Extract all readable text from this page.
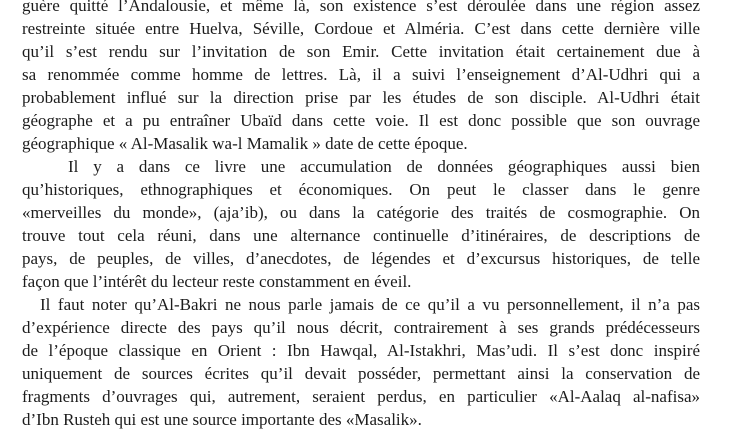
guère quitté l’Andalousie, et même là, son existence s’est déroulée dans une région assez
restreinte située entre Huelva, Séville, Cordoue et Alméria. C’est dans cette dernière ville
qu’il s’est rendu sur l’invitation de son Emir. Cette invitation était certainement due à
sa renommée comme homme de lettres. Là, il a suivi l’enseignement d’Al-Udhri qui a
probablement influé sur la direction prise par les études de son disciple. Al-Udhri était
géographe et a pu entraîner Ubaïd dans cette voie. Il est donc possible que son ouvrage
géographique « Al-Masalik wa-l Mamalik » date de cette époque.
Il y a dans ce livre une accumulation de données géographiques aussi bien
qu’historiques, ethnographiques et économiques. On peut le classer dans le genre
«merveilles du monde», (aja’ib), ou dans la catégorie des traités de cosmographie. On
trouve tout cela réuni, dans une alternance continuelle d’itinéraires, de descriptions de
pays, de peuples, de villes, d’anecdotes, de légendes et d’excursus historiques, de telle
façon que l’intérêt du lecteur reste constamment en éveil.
Il faut noter qu’Al-Bakri ne nous parle jamais de ce qu’il a vu personnellement, il n’a pas
d’expérience directe des pays qu’il nous décrit, contrairement à ses grands prédécesseurs
de l’époque classique en Orient : Ibn Hawqal, Al-Istakhri, Mas’udi. Il s’est donc inspiré
uniquement de sources écrites qu’il devait posséder, permettant ainsi la conservation de
fragments d’ouvrages qui, autrement, seraient perdus, en particulier «Al-Aalaq al-nafisa»
d’Ibn Rusteh qui est une source importante des «Masalik».
